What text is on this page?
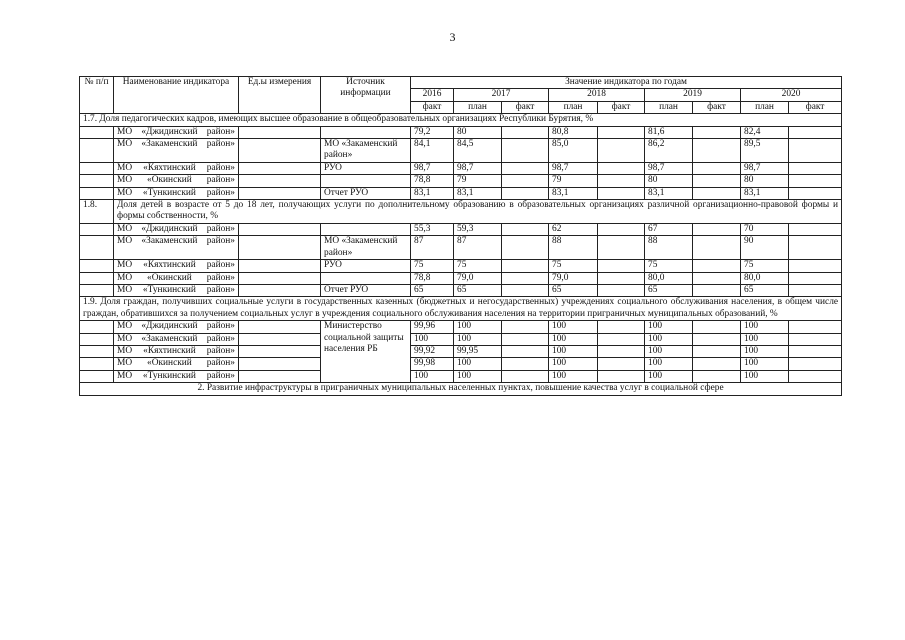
3
№ п/п	Наименование индикатора	Ед.ы измерения	Источник информации	Значение индикатора по годам								
				2016	2017		2018		2019		2020	
				факт	план	факт	план	факт	план	факт	план	факт
1.7. Доля педагогических кадров, имеющих высшее образование в общеобразовательных организациях Республики Бурятия, %												
	МО «Джидинский район»			79,2	80		80,8		81,6		82,4	
	МО «Закаменский район»		МО «Закаменский район»	84,1	84,5		85,0		86,2		89,5	
	МО «Кяхтинский район»		РУО	98,7	98,7		98,7		98,7		98,7	
	МО «Окинский район»			78,8	79		79		80		80	
	МО «Тункинский район»		Отчет РУО	83,1	83,1		83,1		83,1		83,1	
1.8.	Доля детей в возрасте от 5 до 18 лет, получающих услуги по дополнительному образованию в образовательных организациях различной организационно-правовой формы и формы собственности, %											
	МО «Джидинский район»			55,3	59,3		62		67		70	
	МО «Закаменский район»		МО «Закаменский район»	87	87		88		88		90	
	МО «Кяхтинский район»		РУО	75	75		75		75		75	
	МО «Окинский район»			78,8	79,0		79,0		80,0		80,0	
	МО «Тункинский район»		Отчет РУО	65	65		65		65		65	
1.9. Доля граждан, получивших социальные услуги в государственных казенных (бюджетных и негосударственных) учреждениях социального обслуживания населения, в общем числе граждан, обратившихся за получением социальных услуг в учреждения социального обслуживания населения на территории приграничных муниципальных образований, %												
	МО «Джидинский район»		Министерство социальной защиты населения РБ	99,96	100		100		100		100	
	МО «Закаменский район»			100	100		100		100		100	
	МО «Кяхтинский район»			99,92	99,95		100		100		100	
	МО «Окинский район»			99,98	100		100		100		100	
	МО «Тункинский район»			100	100		100		100		100	
2. Развитие инфраструктуры в приграничных муниципальных населенных пунктах, повышение качества услуг в социальной сфере												
